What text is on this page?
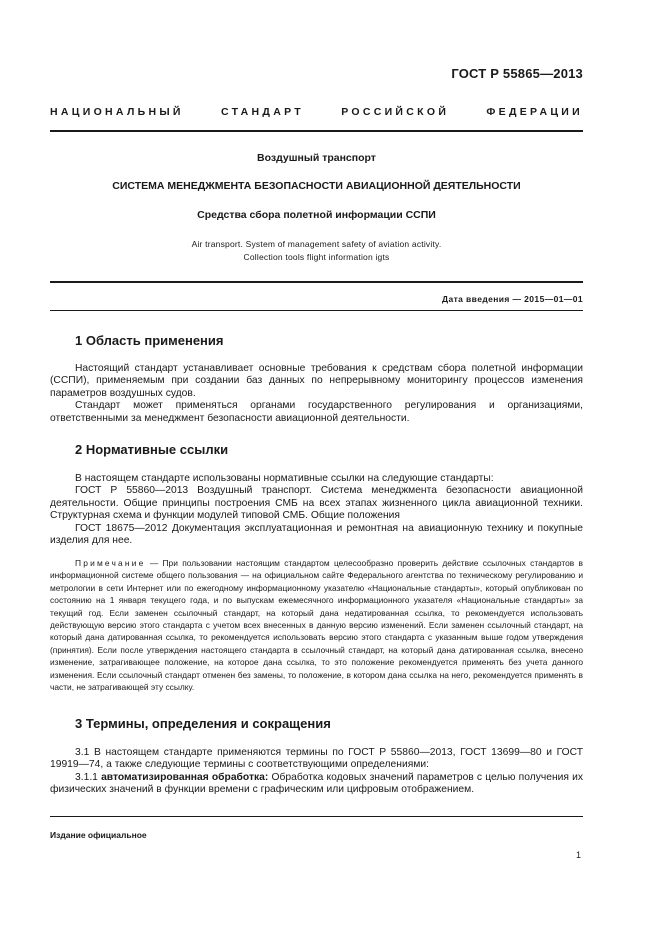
ГОСТ Р 55865—2013
НАЦИОНАЛЬНЫЙ СТАНДАРТ РОССИЙСКОЙ ФЕДЕРАЦИИ
Воздушный транспорт
СИСТЕМА МЕНЕДЖМЕНТА БЕЗОПАСНОСТИ АВИАЦИОННОЙ ДЕЯТЕЛЬНОСТИ
Средства сбора полетной информации ССПИ
Air transport. System of management safety of aviation activity.
Collection tools flight information igts
Дата введения — 2015—01—01
1 Область применения

Настоящий стандарт устанавливает основные требования к средствам сбора полетной информации (ССПИ), применяемым при создании баз данных по непрерывному мониторингу процессов изменения параметров воздушных судов.

Стандарт может применяться органами государственного регулирования и организациями, ответственными за менеджмент безопасности авиационной деятельности.

2 Нормативные ссылки

В настоящем стандарте использованы нормативные ссылки на следующие стандарты:

ГОСТ Р 55860—2013 Воздушный транспорт. Система менеджмента безопасности авиационной деятельности. Общие принципы построения СМБ на всех этапах жизненного цикла авиационной техники. Структурная схема и функции модулей типовой СМБ. Общие положения

ГОСТ 18675—2012 Документация эксплуатационная и ремонтная на авиационную технику и покупные изделия для нее.

Примечание — При пользовании настоящим стандартом целесообразно проверить действие ссылочных стандартов в информационной системе общего пользования — на официальном сайте Федерального агентства по техническому регулированию и метрологии в сети Интернет или по ежегодному информационному указателю «Национальные стандарты», который опубликован по состоянию на 1 января текущего года, и по выпускам ежемесячного информационного указателя «Национальные стандарты» за текущий год. Если заменен ссылочный стандарт, на который дана недатированная ссылка, то рекомендуется использовать действующую версию этого стандарта с учетом всех внесенных в данную версию изменений. Если заменен ссылочный стандарт, на который дана датированная ссылка, то рекомендуется использовать версию этого стандарта с указанным выше годом утверждения (принятия). Если после утверждения настоящего стандарта в ссылочный стандарт, на который дана датированная ссылка, внесено изменение, затрагивающее положение, на которое дана ссылка, то это положение рекомендуется применять без учета данного изменения. Если ссылочный стандарт отменен без замены, то положение, в котором дана ссылка на него, рекомендуется применять в части, не затрагивающей эту ссылку.

3 Термины, определения и сокращения

3.1 В настоящем стандарте применяются термины по ГОСТ Р 55860—2013, ГОСТ 13699—80 и ГОСТ 19919—74, а также следующие термины с соответствующими определениями:

3.1.1 автоматизированная обработка: Обработка кодовых значений параметров с целью получения их физических значений в функции времени с графическим или цифровым отображением.

Издание официальное
1
